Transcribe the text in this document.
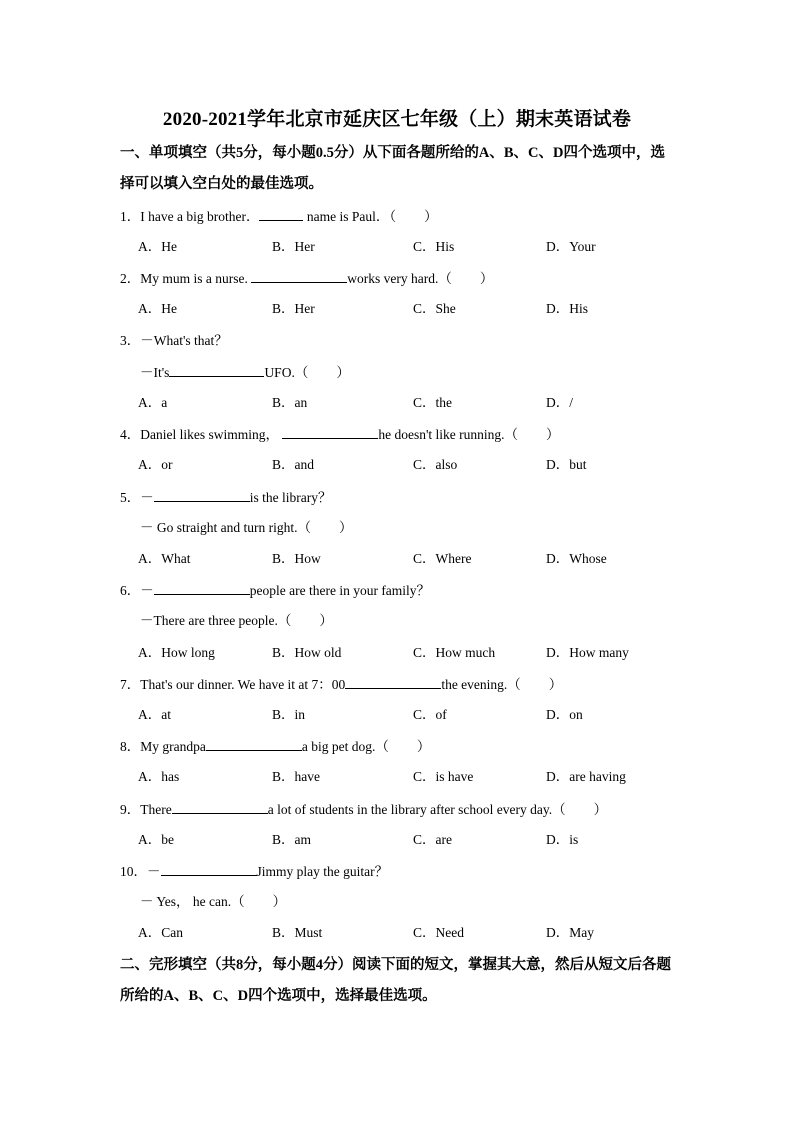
2020-2021学年北京市延庆区七年级（上）期末英语试卷
一、单项填空（共5分，每小题0.5分）从下面各题所给的A、B、C、D四个选项中，选
择可以填入空白处的最佳选项。
1．I have a big brother．	name is Paul．（ ）
A．He	B．Her	C．His	D．Your
2．My mum is a nurse.	works very hard.（ ）
A．He	B．Her	C．She	D．His
3．－What's that？
－It's	UFO.（ ）
A．a	B．an	C．the	D．/
4．Daniel likes swimming，	he doesn't like running.（ ）
A．or	B．and	C．also	D．but
5．－	is the library？
－ Go straight and turn right.（ ）
A．What	B．How	C．Where	D．Whose
6．－	people are there in your family？
－There are three people.（ ）
A．How long	B．How old	C．How much	D．How many
7．That's our dinner. We have it at 7：00	the evening.（ ）
A．at	B．in	C．of	D．on
8．My grandpa	a big pet dog.（ ）
A．has	B．have	C．is have	D．are having
9．There	a lot of students in the library after school every day.（ ）
A．be	B．am	C．are	D．is
10．－	Jimmy play the guitar？
－ Yes， he can.（ ）
A．Can	B．Must	C．Need	D．May
二、完形填空（共8分，每小题4分）阅读下面的短文，掌握其大意，然后从短文后各题
所给的A、B、C、D四个选项中，选择最佳选项。
